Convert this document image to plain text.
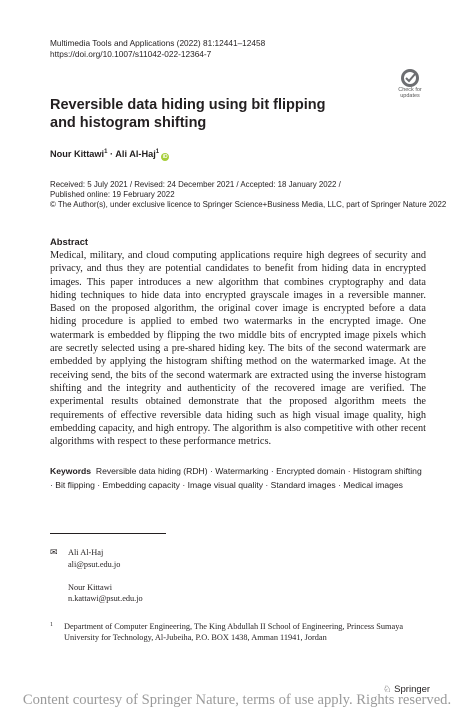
Multimedia Tools and Applications (2022) 81:12441–12458
https://doi.org/10.1007/s11042-022-12364-7
Check for updates
Reversible data hiding using bit flipping and histogram shifting
Nour Kittawi$^1$ · Ali Al-Haj$^1$iD
Received: 5 July 2021 / Revised: 24 December 2021 / Accepted: 18 January 2022 /
Published online: 19 February 2022
© The Author(s), under exclusive licence to Springer Science+Business Media, LLC, part of Springer Nature 2022
Abstract
Medical, military, and cloud computing applications require high degrees of security and privacy, and thus they are potential candidates to benefit from hiding data in encrypted images. This paper introduces a new algorithm that combines cryptography and data hiding techniques to hide data into encrypted grayscale images in a reversible manner. Based on the proposed algorithm, the original cover image is encrypted before a data hiding procedure is applied to embed two watermarks in the encrypted image. One watermark is embedded by flipping the two middle bits of encrypted image pixels which are secretly selected using a pre-shared hiding key. The bits of the second watermark are embedded by applying the histogram shifting method on the watermarked image. At the receiving send, the bits of the second watermark are extracted using the inverse histogram shifting and the integrity and authenticity of the recovered image are verified. The experimental results obtained demonstrate that the proposed algorithm meets the requirements of effective reversible data hiding such as high visual image quality, high embedding capacity, and high entropy. The algorithm is also competitive with other recent algorithms with respect to these performance metrics.
Keywords Reversible data hiding (RDH) · Watermarking · Encrypted domain · Histogram shifting · Bit flipping · Embedding capacity · Image visual quality · Standard images · Medical images
✉	Ali Al-Haj
ali@psut.edu.jo
Nour Kittawi
n.kattawi@psut.edu.jo
1 Department of Computer Engineering, The King Abdullah II School of Engineering, Princess Sumaya University for Technology, Al-Jubeiha, P.O. BOX 1438, Amman 11941, Jordan
♘ Springer
Content courtesy of Springer Nature, terms of use apply. Rights reserved.
